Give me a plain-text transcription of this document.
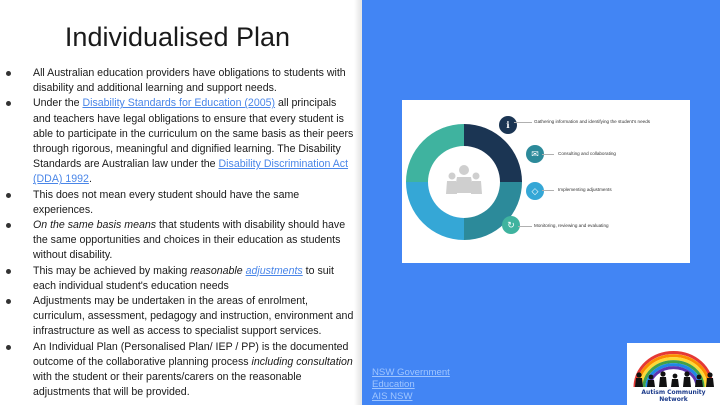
Individualised Plan
All Australian education providers have obligations to students with disability and additional learning and support needs.
Under the Disability Standards for Education (2005) all principals and teachers have legal obligations to ensure that every student is able to participate in the curriculum on the same basis as their peers through rigorous, meaningful and dignified learning. The Disability Standards are Australian law under the Disability Discrimination Act (DDA) 1992.
This does not mean every student should have the same experiences.
On the same basis means that students with disability should have the same opportunities and choices in their education as students without disability.
This may be achieved by making reasonable adjustments to suit each individual student's education needs
Adjustments may be undertaken in the areas of enrolment, curriculum, assessment, pedagogy and instruction, environment and infrastructure as well as access to specialist support services.
An Individual Plan (Personalised Plan/ IEP / PP) is the documented outcome of the collaborative planning process including consultation with the student or their parents/carers on the reasonable adjustments that will be provided.
ℹ
✉
◇
↻
Gathering information and identifying the student's needs
Consulting and collaborating
Implementing adjustments
Monitoring, reviewing and evaluating
NSW Government
Education
AIS NSW	Autism Community Network
